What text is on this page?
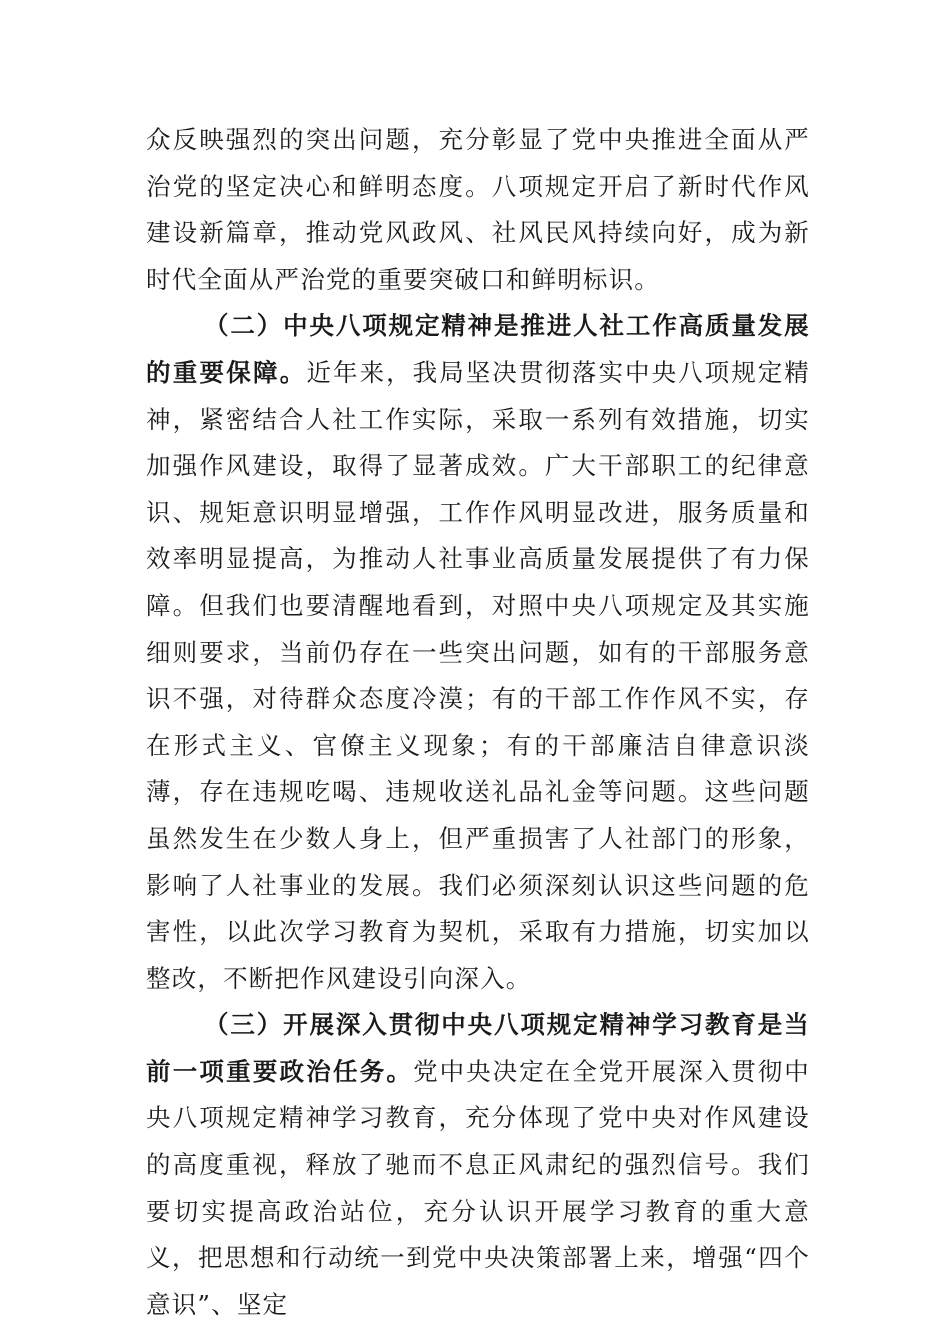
众反映强烈的突出问题，充分彰显了党中央推进全面从严治党的坚定决心和鲜明态度。八项规定开启了新时代作风建设新篇章，推动党风政风、社风民风持续向好，成为新时代全面从严治党的重要突破口和鲜明标识。

（二）中央八项规定精神是推进人社工作高质量发展的重要保障。近年来，我局坚决贯彻落实中央八项规定精神，紧密结合人社工作实际，采取一系列有效措施，切实加强作风建设，取得了显著成效。广大干部职工的纪律意识、规矩意识明显增强，工作作风明显改进，服务质量和效率明显提高，为推动人社事业高质量发展提供了有力保障。但我们也要清醒地看到，对照中央八项规定及其实施细则要求，当前仍存在一些突出问题，如有的干部服务意识不强，对待群众态度冷漠；有的干部工作作风不实，存在形式主义、官僚主义现象；有的干部廉洁自律意识淡薄，存在违规吃喝、违规收送礼品礼金等问题。这些问题虽然发生在少数人身上，但严重损害了人社部门的形象，影响了人社事业的发展。我们必须深刻认识这些问题的危害性，以此次学习教育为契机，采取有力措施，切实加以整改，不断把作风建设引向深入。

（三）开展深入贯彻中央八项规定精神学习教育是当前一项重要政治任务。党中央决定在全党开展深入贯彻中央八项规定精神学习教育，充分体现了党中央对作风建设的高度重视，释放了驰而不息正风肃纪的强烈信号。我们要切实提高政治站位，充分认识开展学习教育的重大意义，把思想和行动统一到党中央决策部署上来，增强“四个意识”、坚定
